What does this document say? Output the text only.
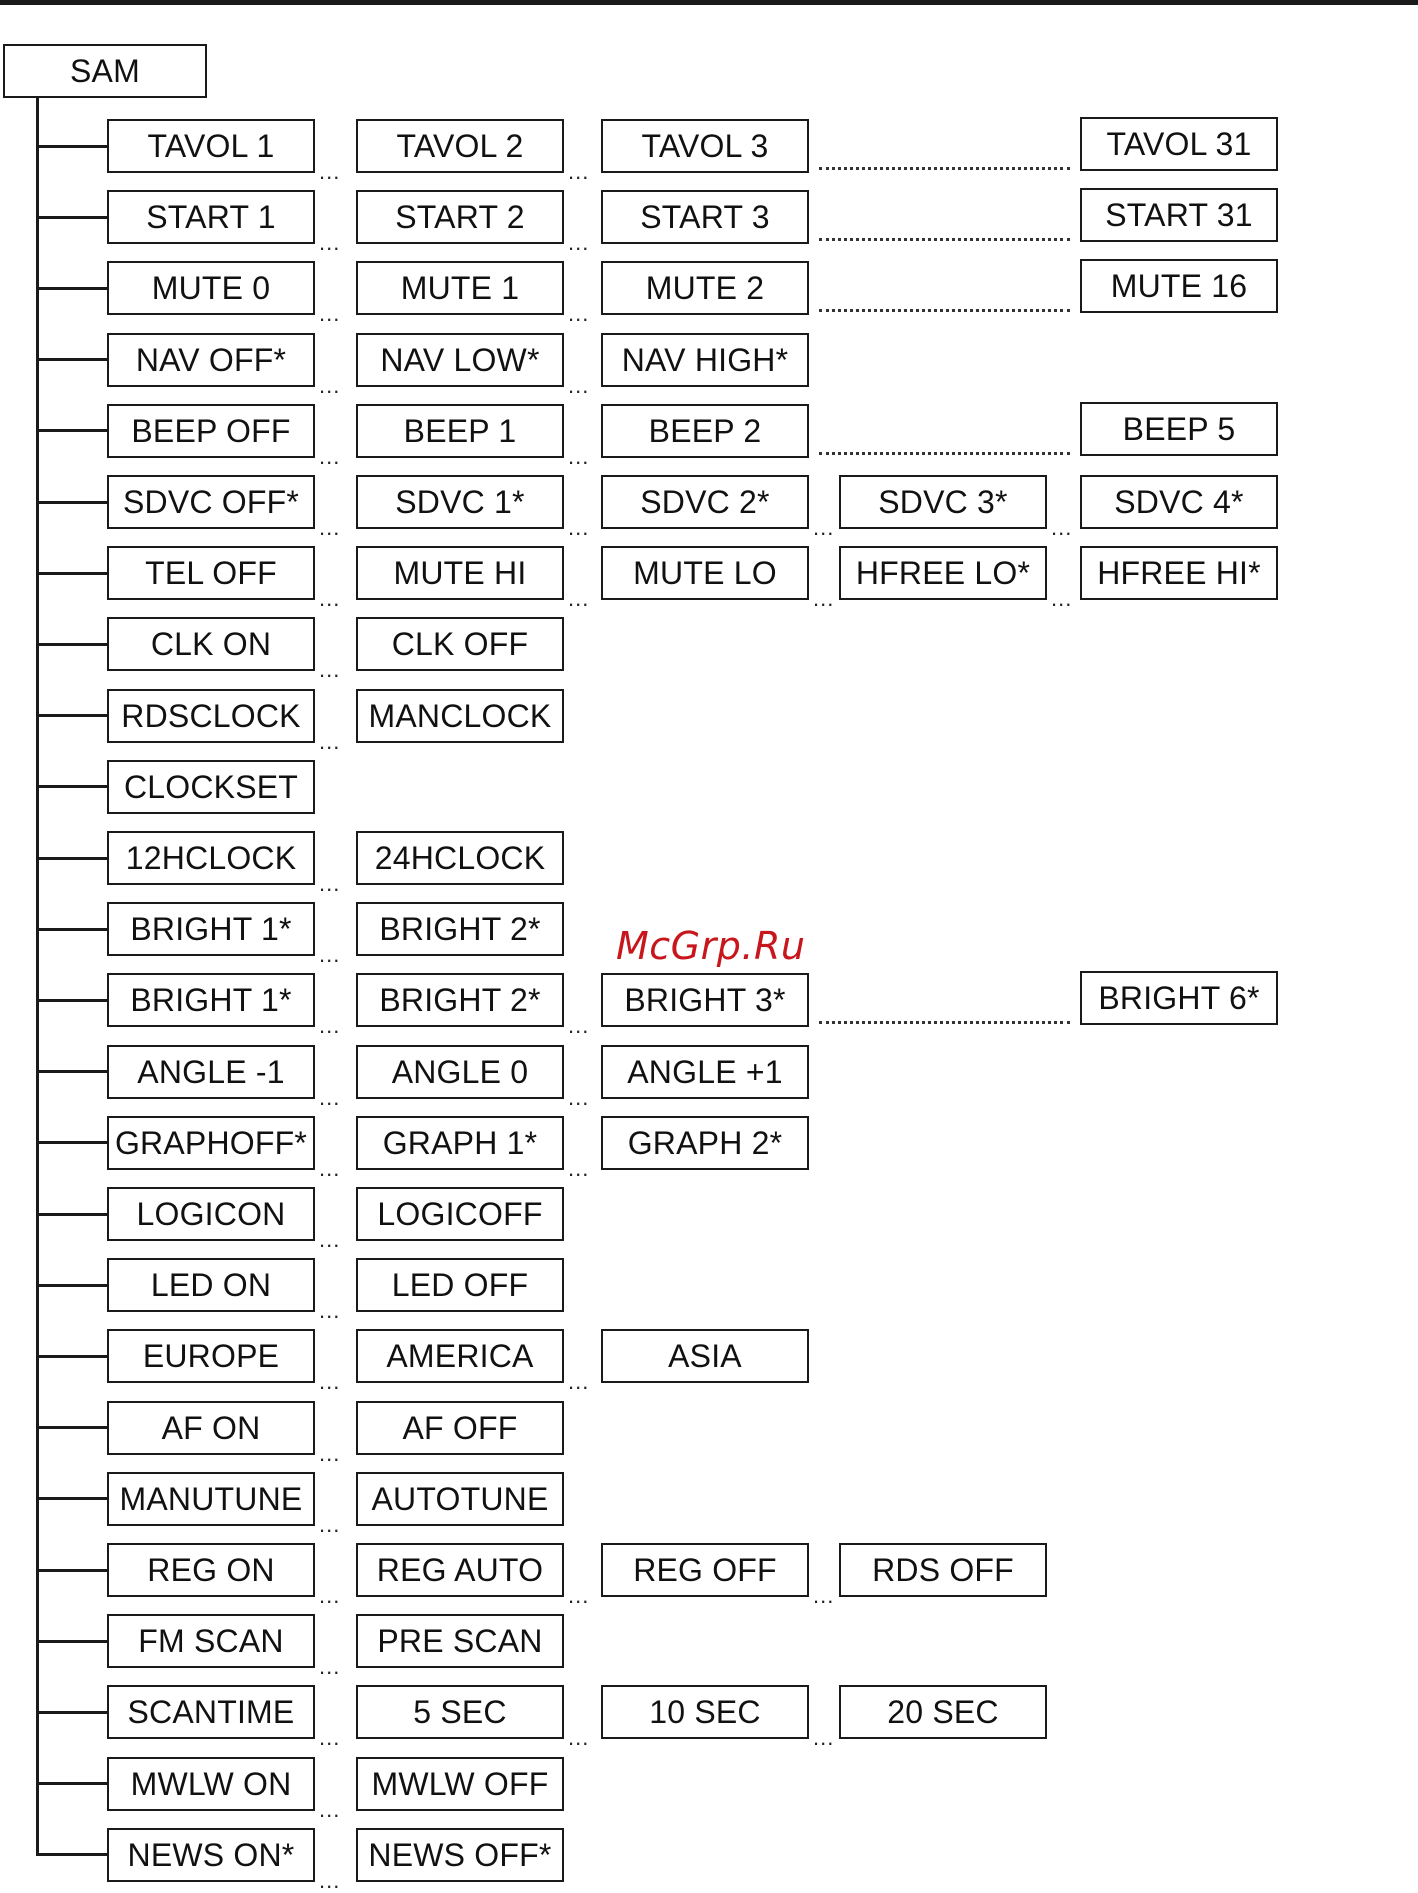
SAM
TAVOL 1
...
TAVOL 2
...
TAVOL 3	TAVOL 31
START 1
...
START 2
...
START 3	START 31
MUTE 0
...
MUTE 1
...
MUTE 2	MUTE 16
NAV OFF*
...
NAV LOW*
...
NAV HIGH*
BEEP OFF
...
BEEP 1
...
BEEP 2	BEEP 5
SDVC OFF*
...
SDVC 1*
...
SDVC 2*
...
SDVC 3*
...
SDVC 4*
TEL OFF
...
MUTE HI
...
MUTE LO
...
HFREE LO*
...
HFREE HI*
CLK ON
...
CLK OFF
RDSCLOCK
...
MANCLOCK
CLOCKSET
12HCLOCK
...
24HCLOCK
BRIGHT 1*
...
BRIGHT 2*
BRIGHT 1*
...
BRIGHT 2*
...
BRIGHT 3*	BRIGHT 6*
ANGLE -1
...
ANGLE 0
...
ANGLE +1
GRAPHOFF*
...
GRAPH 1*
...
GRAPH 2*
LOGICON
...
LOGICOFF
LED ON
...
LED OFF
EUROPE
...
AMERICA
...
ASIA
AF ON
...
AF OFF
MANUTUNE
...
AUTOTUNE
REG ON
...
REG AUTO
...
REG OFF
...
RDS OFF
FM SCAN
...
PRE SCAN
SCANTIME
...
5 SEC
...
10 SEC
...
20 SEC
MWLW ON
...
MWLW OFF
NEWS ON*
...
NEWS OFF*
McGrp.Ru
